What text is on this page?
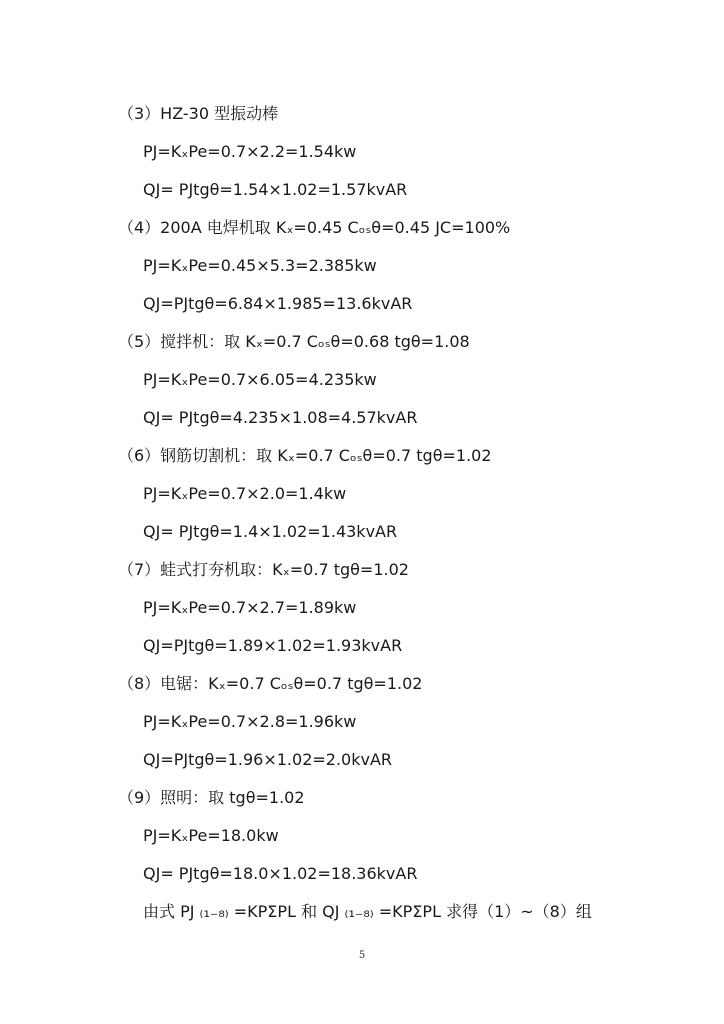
（3）HZ-30 型振动棒
PJ=KₓPe=0.7×2.2=1.54kw
QJ= PJtgθ=1.54×1.02=1.57kvAR
（4）200A 电焊机取 Kₓ=0.45 Cₒₛθ=0.45 JC=100%
PJ=KₓPe=0.45×5.3=2.385kw
QJ=PJtgθ=6.84×1.985=13.6kvAR
（5）搅拌机：取 Kₓ=0.7 Cₒₛθ=0.68 tgθ=1.08
PJ=KₓPe=0.7×6.05=4.235kw
QJ= PJtgθ=4.235×1.08=4.57kvAR
（6）钢筋切割机：取 Kₓ=0.7 Cₒₛθ=0.7 tgθ=1.02
PJ=KₓPe=0.7×2.0=1.4kw
QJ= PJtgθ=1.4×1.02=1.43kvAR
（7）蛙式打夯机取：Kₓ=0.7 tgθ=1.02
PJ=KₓPe=0.7×2.7=1.89kw
QJ=PJtgθ=1.89×1.02=1.93kvAR
（8）电锯：Kₓ=0.7 Cₒₛθ=0.7 tgθ=1.02
PJ=KₓPe=0.7×2.8=1.96kw
QJ=PJtgθ=1.96×1.02=2.0kvAR
（9）照明：取 tgθ=1.02
PJ=KₓPe=18.0kw
QJ= PJtgθ=18.0×1.02=18.36kvAR
由式 PJ ₍₁₋₈₎ =KPΣPL 和 QJ ₍₁₋₈₎ =KPΣPL 求得（1）~（8）组
5
